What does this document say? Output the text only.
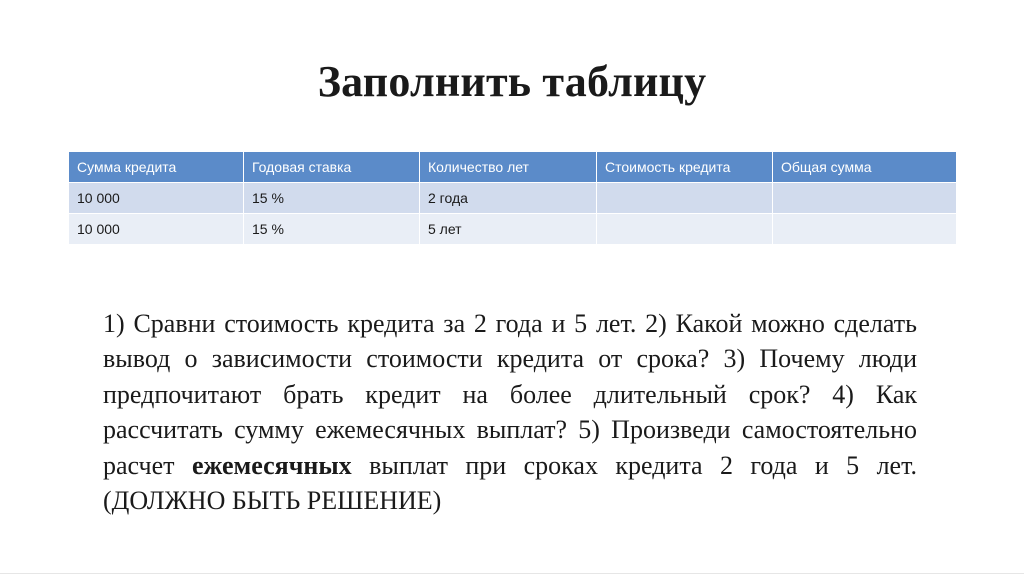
Заполнить таблицу
Сумма кредита	Годовая ставка	Количество лет	Стоимость кредита	Общая сумма
10 000	15 %	2 года		
10 000	15 %	5 лет		
1) Сравни стоимость кредита за 2 года и 5 лет. 2) Какой можно сделать вывод о зависимости стоимости кредита от срока? 3) Почему люди предпочитают брать кредит на более длительный срок? 4) Как рассчитать сумму ежемесячных выплат? 5) Произведи самостоятельно расчет ежемесячных выплат при сроках кредита 2 года и 5 лет. (ДОЛЖНО БЫТЬ РЕШЕНИЕ)
